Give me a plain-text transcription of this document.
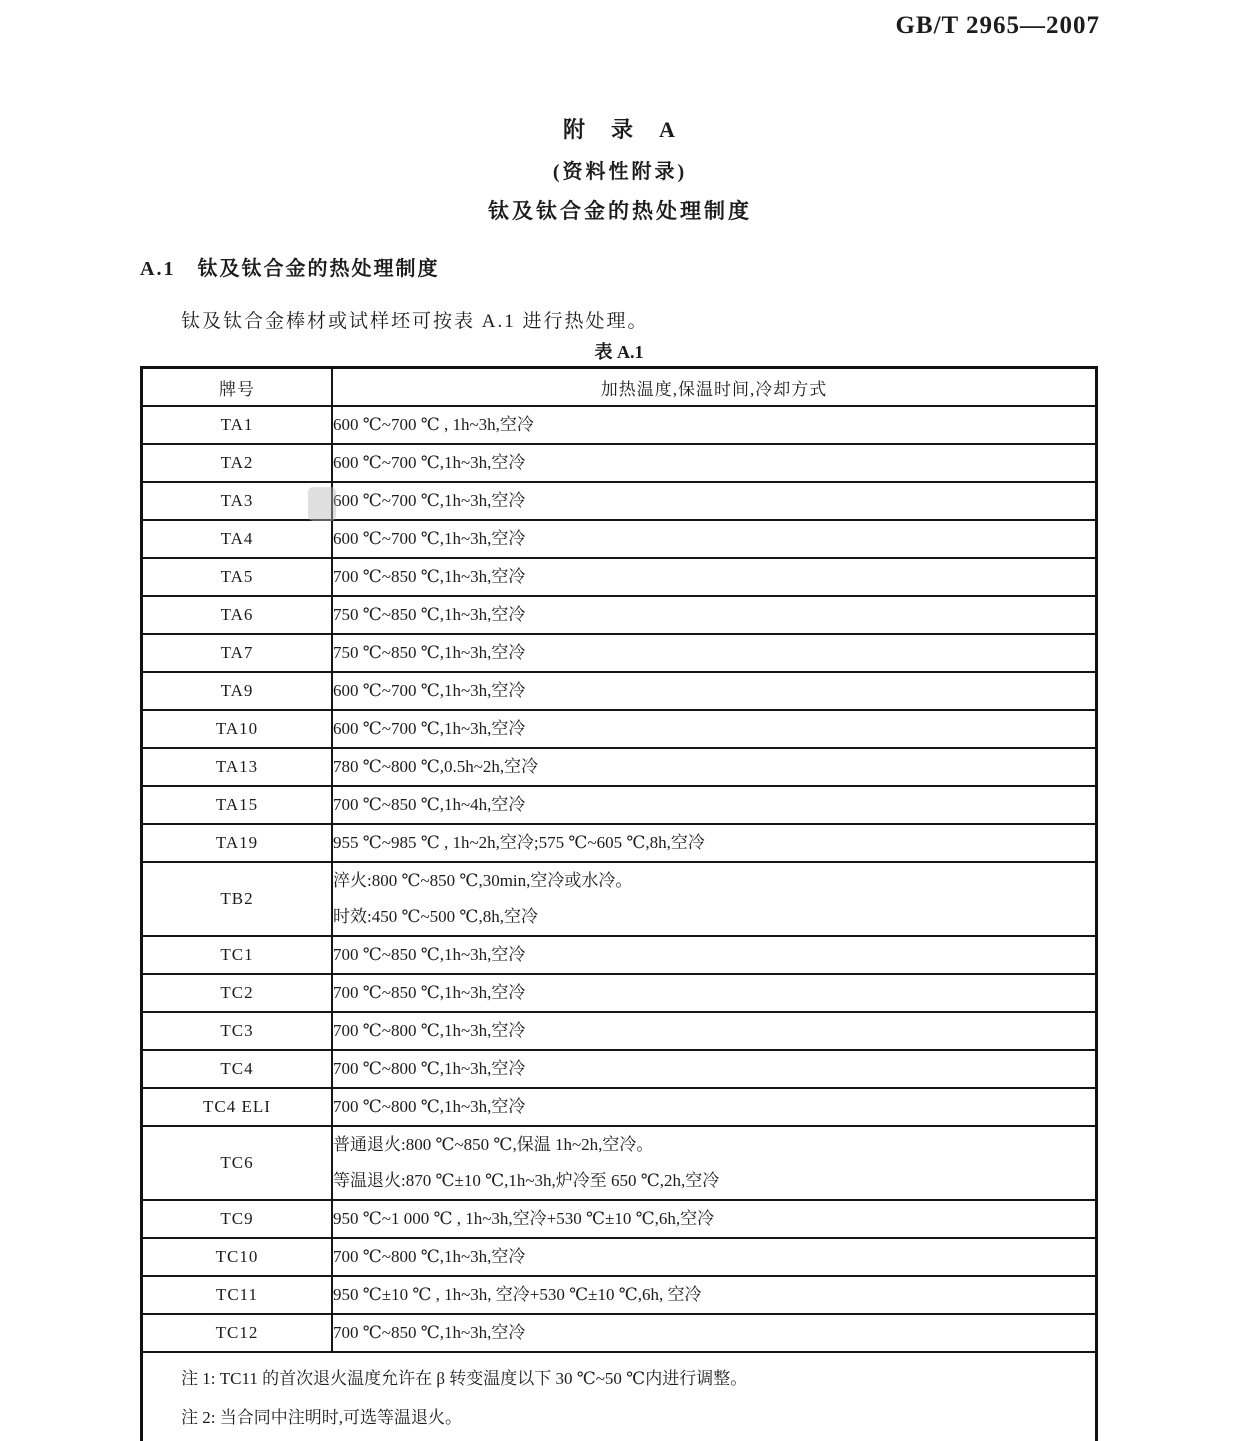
GB/T 2965—2007
附　录　A
(资料性附录)
钛及钛合金的热处理制度
A.1　钛及钛合金的热处理制度
钛及钛合金棒材或试样坯可按表 A.1 进行热处理。
表 A.1
牌号	加热温度,保温时间,冷却方式
TA1	600 ℃~700 ℃ , 1h~3h,空冷

TA2	600 ℃~700 ℃,1h~3h,空冷

TA3	600 ℃~700 ℃,1h~3h,空冷

TA4	600 ℃~700 ℃,1h~3h,空冷

TA5	700 ℃~850 ℃,1h~3h,空冷

TA6	750 ℃~850 ℃,1h~3h,空冷

TA7	750 ℃~850 ℃,1h~3h,空冷

TA9	600 ℃~700 ℃,1h~3h,空冷

TA10	600 ℃~700 ℃,1h~3h,空冷

TA13	780 ℃~800 ℃,0.5h~2h,空冷

TA15	700 ℃~850 ℃,1h~4h,空冷

TA19	955 ℃~985 ℃ , 1h~2h,空冷;575 ℃~605 ℃,8h,空冷

TB2	淬火:800 ℃~850 ℃,30min,空冷或水冷。
时效:450 ℃~500 ℃,8h,空冷

TC1	700 ℃~850 ℃,1h~3h,空冷

TC2	700 ℃~850 ℃,1h~3h,空冷

TC3	700 ℃~800 ℃,1h~3h,空冷

TC4	700 ℃~800 ℃,1h~3h,空冷

TC4 ELI	700 ℃~800 ℃,1h~3h,空冷

TC6	普通退火:800 ℃~850 ℃,保温 1h~2h,空冷。
等温退火:870 ℃±10 ℃,1h~3h,炉冷至 650 ℃,2h,空冷

TC9	950 ℃~1 000 ℃ , 1h~3h,空冷+530 ℃±10 ℃,6h,空冷

TC10	700 ℃~800 ℃,1h~3h,空冷

TC11	950 ℃±10 ℃ , 1h~3h, 空冷+530 ℃±10 ℃,6h, 空冷

TC12	700 ℃~850 ℃,1h~3h,空冷

注 1: TC11 的首次退火温度允许在 β 转变温度以下 30 ℃~50 ℃内进行调整。
注 2: 当合同中注明时,可选等温退火。	
